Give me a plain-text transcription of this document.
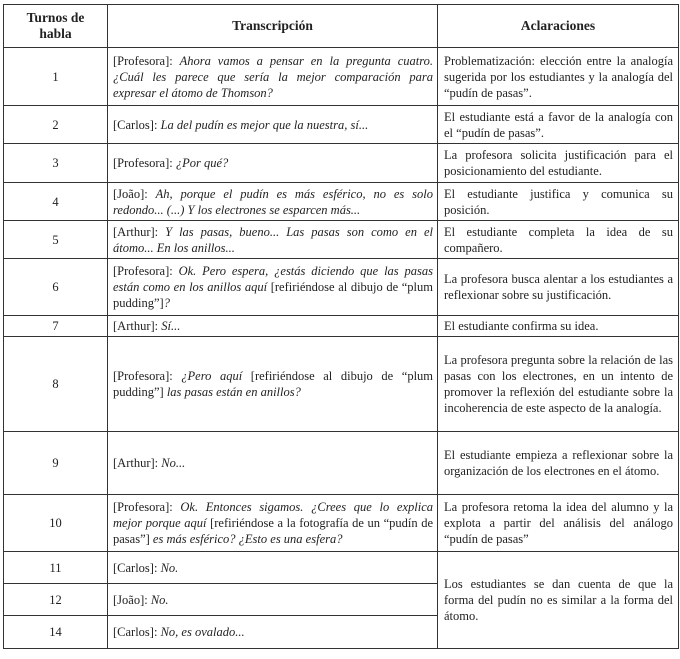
Turnos de habla	Transcripción	Aclaraciones
1	[Profesora]: Ahora vamos a pensar en la pregunta cuatro. ¿Cuál les parece que sería la mejor comparación para expresar el átomo de Thomson?	Problematización: elección entre la analogía sugerida por los estudiantes y la analogía del “pudín de pasas”.
2	[Carlos]: La del pudín es mejor que la nuestra, sí...	El estudiante está a favor de la analogía con el “pudín de pasas”.
3	[Profesora]: ¿Por qué?	La profesora solicita justificación para el posicionamiento del estudiante.
4	[João]: Ah, porque el pudín es más esférico, no es solo redondo... (...) Y los electrones se esparcen más...	El estudiante justifica y comunica su posición.
5	[Arthur]: Y las pasas, bueno... Las pasas son como en el átomo... En los anillos...	El estudiante completa la idea de su compañero.
6	[Profesora]: Ok. Pero espera, ¿estás diciendo que las pasas están como en los anillos aquí [refiriéndose al dibujo de “plum pudding”]?	La profesora busca alentar a los estudiantes a reflexionar sobre su justificación.
7	[Arthur]: Sí...	El estudiante confirma su idea.
8	[Profesora]: ¿Pero aquí [refiriéndose al dibujo de “plum pudding”] las pasas están en anillos?	La profesora pregunta sobre la relación de las pasas con los electrones, en un intento de promover la reflexión del estudiante sobre la incoherencia de este aspecto de la analogía.
9	[Arthur]: No...	El estudiante empieza a reflexionar sobre la organización de los electrones en el átomo.
10	[Profesora]: Ok. Entonces sigamos. ¿Crees que lo explica mejor porque aquí [refiriéndose a la fotografía de un “pudín de pasas”] es más esférico? ¿Esto es una esfera?	La profesora retoma la idea del alumno y la explota a partir del análisis del análogo “pudín de pasas”
11	[Carlos]: No.	Los estudiantes se dan cuenta de que la forma del pudín no es similar a la forma del átomo.
12	[João]: No.	
14	[Carlos]: No, es ovalado...	
